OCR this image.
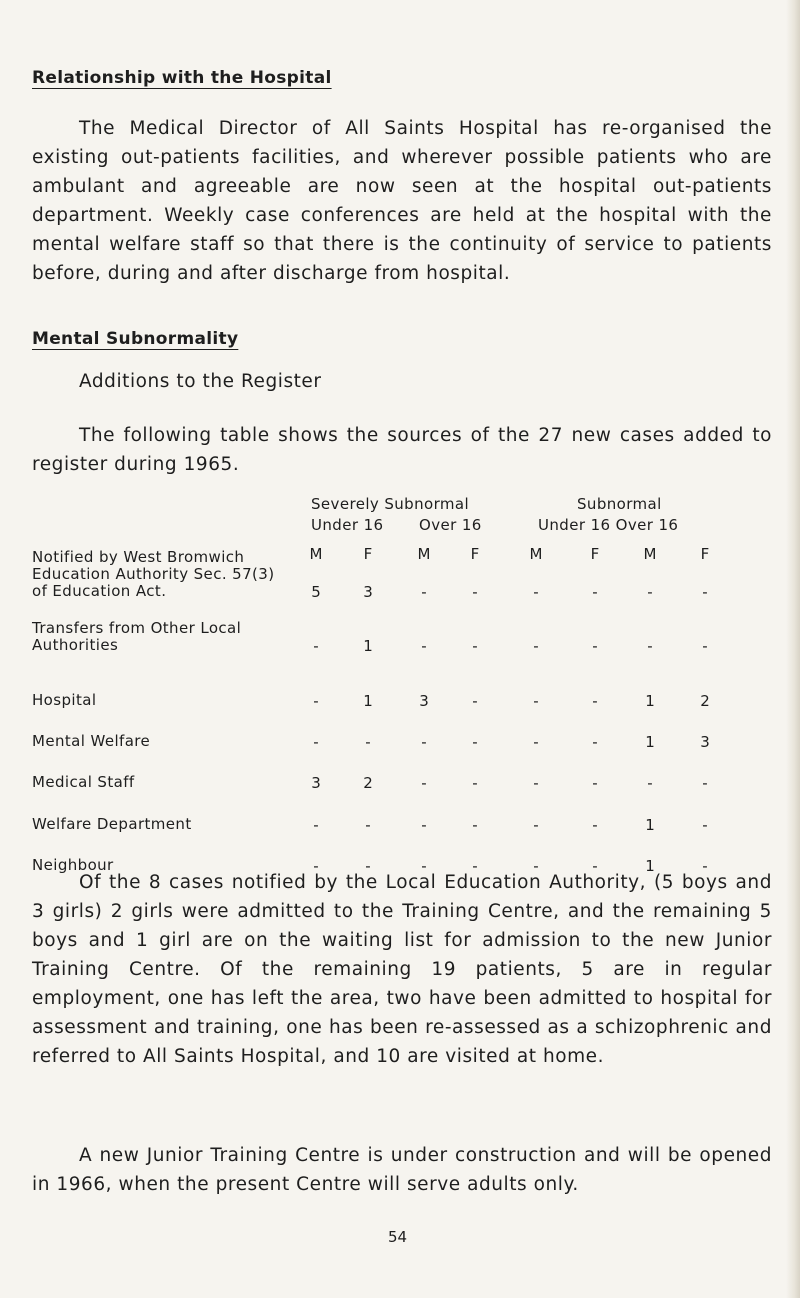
Relationship with the Hospital
The Medical Director of All Saints Hospital has re-organised the existing out-patients facilities, and wherever possible patients who are ambulant and agreeable are now seen at the hospital out-patients department. Weekly case conferences are held at the hospital with the mental welfare staff so that there is the continuity of service to patients before, during and after discharge from hospital.
Mental Subnormality
Additions to the Register
The following table shows the sources of the 27 new cases added to register during 1965.
Severely Subnormal
Under 16 Over 16
Subnormal
Under 16 Over 16
M	F	M	F	M	F	M	F
Notified by West Bromwich
Education Authority Sec. 57(3)
of Education Act.	5	3	-	-	-	-	-	-
Transfers from Other Local
Authorities	-	1	-	-	-	-	-	-
Hospital	-	1	3	-	-	-	1	2
Mental Welfare	-	-	-	-	-	-	1	3
Medical Staff	3	2	-	-	-	-	-	-
Welfare Department	-	-	-	-	-	-	1	-
Neighbour	-	-	-	-	-	-	1	-
Of the 8 cases notified by the Local Education Authority, (5 boys and 3 girls) 2 girls were admitted to the Training Centre, and the remaining 5 boys and 1 girl are on the waiting list for admission to the new Junior Training Centre. Of the remaining 19 patients, 5 are in regular employment, one has left the area, two have been admitted to hospital for assessment and training, one has been re-assessed as a schizophrenic and referred to All Saints Hospital, and 10 are visited at home.
A new Junior Training Centre is under construction and will be opened in 1966, when the present Centre will serve adults only.
54
